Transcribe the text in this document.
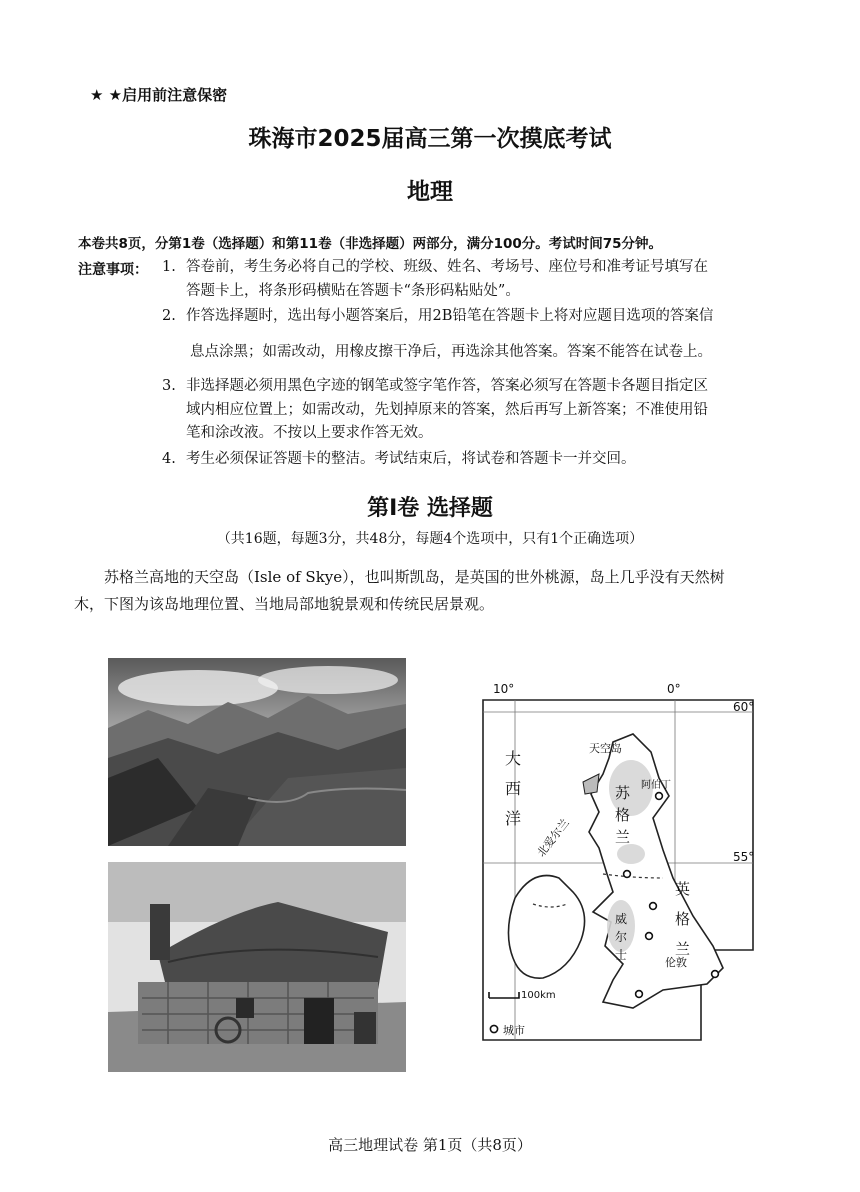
★ ★启用前注意保密
珠海市2025届高三第一次摸底考试
地理
本卷共8页，分第1卷（选择题）和第11卷（非选择题）两部分，满分100分。考试时间75分钟。
注意事项： 1. 答卷前，考生务必将自己的学校、班级、姓名、考场号、座位号和准考证号填写在
答题卡上，将条形码横贴在答题卡“条形码粘贴处”。
2. 作答选择题时，选出每小题答案后，用2B铅笔在答题卡上将对应题目选项的答案信
息点涂黑；如需改动，用橡皮擦干净后，再选涂其他答案。答案不能答在试卷上。
3. 非选择题必须用黑色字迹的钢笔或签字笔作答，答案必须写在答题卡各题目指定区
域内相应位置上；如需改动，先划掉原来的答案，然后再写上新答案；不准使用铅
笔和涂改液。不按以上要求作答无效。
4. 考生必须保证答题卡的整洁。考试结束后，将试卷和答题卡一并交回。
第I卷 选择题
（共16题，每题3分，共48分，每题4个选项中，只有1个正确选项）
苏格兰高地的天空岛（Isle of Skye），也叫斯凯岛，是英国的世外桃源，岛上几乎没有天然树
木，下图为该岛地理位置、当地局部地貌景观和传统民居景观。
10°	0°
60°
55°
大
西
洋
天空岛
苏
格
兰
阿伯丁
英
格
兰
威
尔
士
伦敦
北爱尔兰
100km
城市
高三地理试卷 第1页（共8页）
